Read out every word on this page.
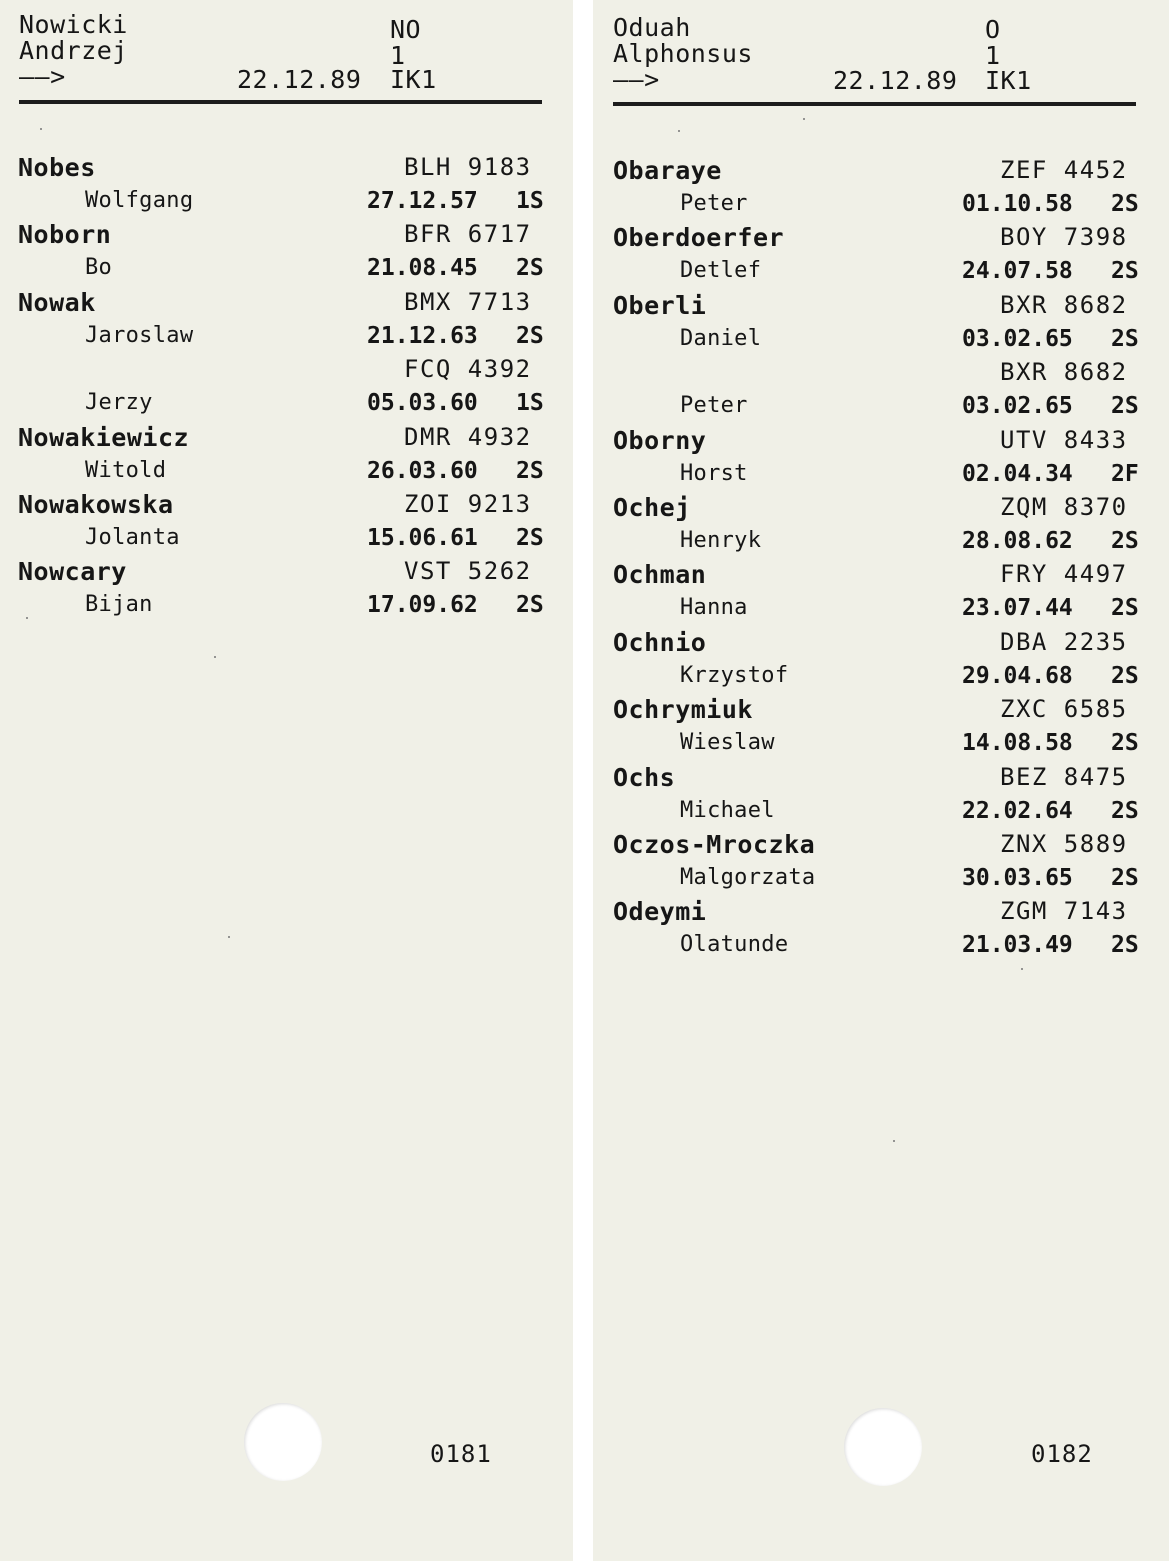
Nowicki
Andrzej
——>
NO
1
22.12.89 IK1
Nobes	BLH 9183
Wolfgang	27.12.57 1S
Noborn	BFR 6717
Bo	21.08.45 2S
Nowak	BMX 7713
Jaroslaw	21.12.63 2S
FCQ 4392
Jerzy	05.03.60 1S
Nowakiewicz	DMR 4932
Witold	26.03.60 2S
Nowakowska	ZOI 9213
Jolanta	15.06.61 2S
Nowcary	VST 5262
Bijan	17.09.62 2S
0181
Oduah
Alphonsus
——>
O
1
22.12.89 IK1
Obaraye	ZEF 4452
Peter	01.10.58 2S
Oberdoerfer	BOY 7398
Detlef	24.07.58 2S
Oberli	BXR 8682
Daniel	03.02.65 2S
BXR 8682
Peter	03.02.65 2S
Oborny	UTV 8433
Horst	02.04.34 2F
Ochej	ZQM 8370
Henryk	28.08.62 2S
Ochman	FRY 4497
Hanna	23.07.44 2S
Ochnio	DBA 2235
Krzystof	29.04.68 2S
Ochrymiuk	ZXC 6585
Wieslaw	14.08.58 2S
Ochs	BEZ 8475
Michael	22.02.64 2S
Oczos-Mroczka	ZNX 5889
Malgorzata	30.03.65 2S
Odeymi	ZGM 7143
Olatunde	21.03.49 2S
0182
